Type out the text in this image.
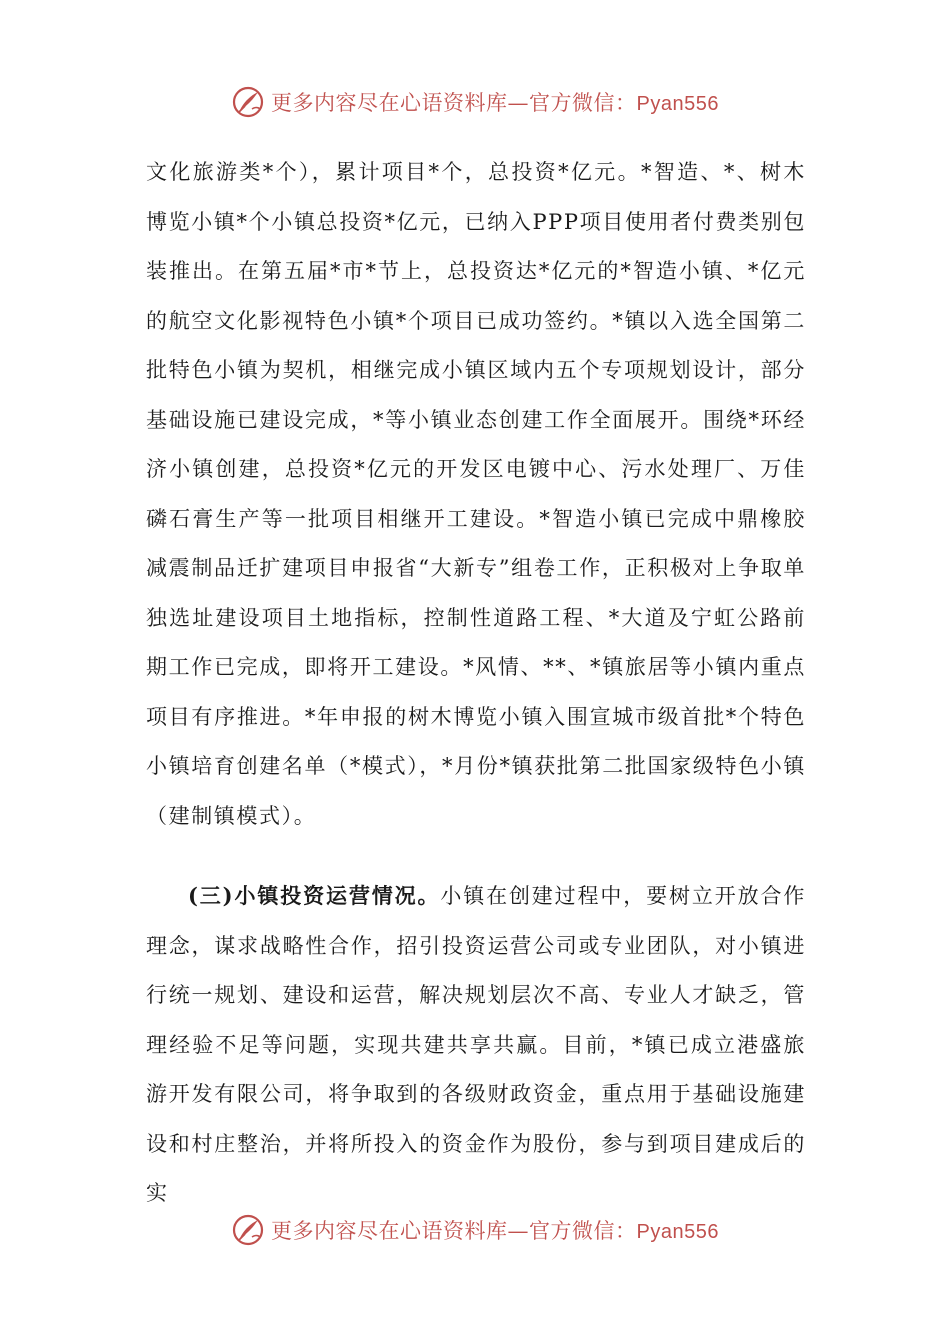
更多内容尽在心语资料库—官方微信：Pyan556

文化旅游类*个），累计项目*个，总投资*亿元。*智造、*、树木博览小镇*个小镇总投资*亿元，已纳入PPP项目使用者付费类别包装推出。在第五届*市*节上，总投资达*亿元的*智造小镇、*亿元的航空文化影视特色小镇*个项目已成功签约。*镇以入选全国第二批特色小镇为契机，相继完成小镇区域内五个专项规划设计，部分基础设施已建设完成，*等小镇业态创建工作全面展开。围绕*环经济小镇创建，总投资*亿元的开发区电镀中心、污水处理厂、万佳磷石膏生产等一批项目相继开工建设。*智造小镇已完成中鼎橡胶减震制品迁扩建项目申报省“大新专”组卷工作，正积极对上争取单独选址建设项目土地指标，控制性道路工程、*大道及宁虹公路前期工作已完成，即将开工建设。*风情、**、*镇旅居等小镇内重点项目有序推进。*年申报的树木博览小镇入围宣城市级首批*个特色小镇培育创建名单（*模式），*月份*镇获批第二批国家级特色小镇（建制镇模式）。

(三)小镇投资运营情况。小镇在创建过程中，要树立开放合作理念，谋求战略性合作，招引投资运营公司或专业团队，对小镇进行统一规划、建设和运营，解决规划层次不高、专业人才缺乏，管理经验不足等问题，实现共建共享共赢。目前，*镇已成立港盛旅游开发有限公司，将争取到的各级财政资金，重点用于基础设施建设和村庄整治，并将所投入的资金作为股份，参与到项目建成后的实

更多内容尽在心语资料库—官方微信：Pyan556
